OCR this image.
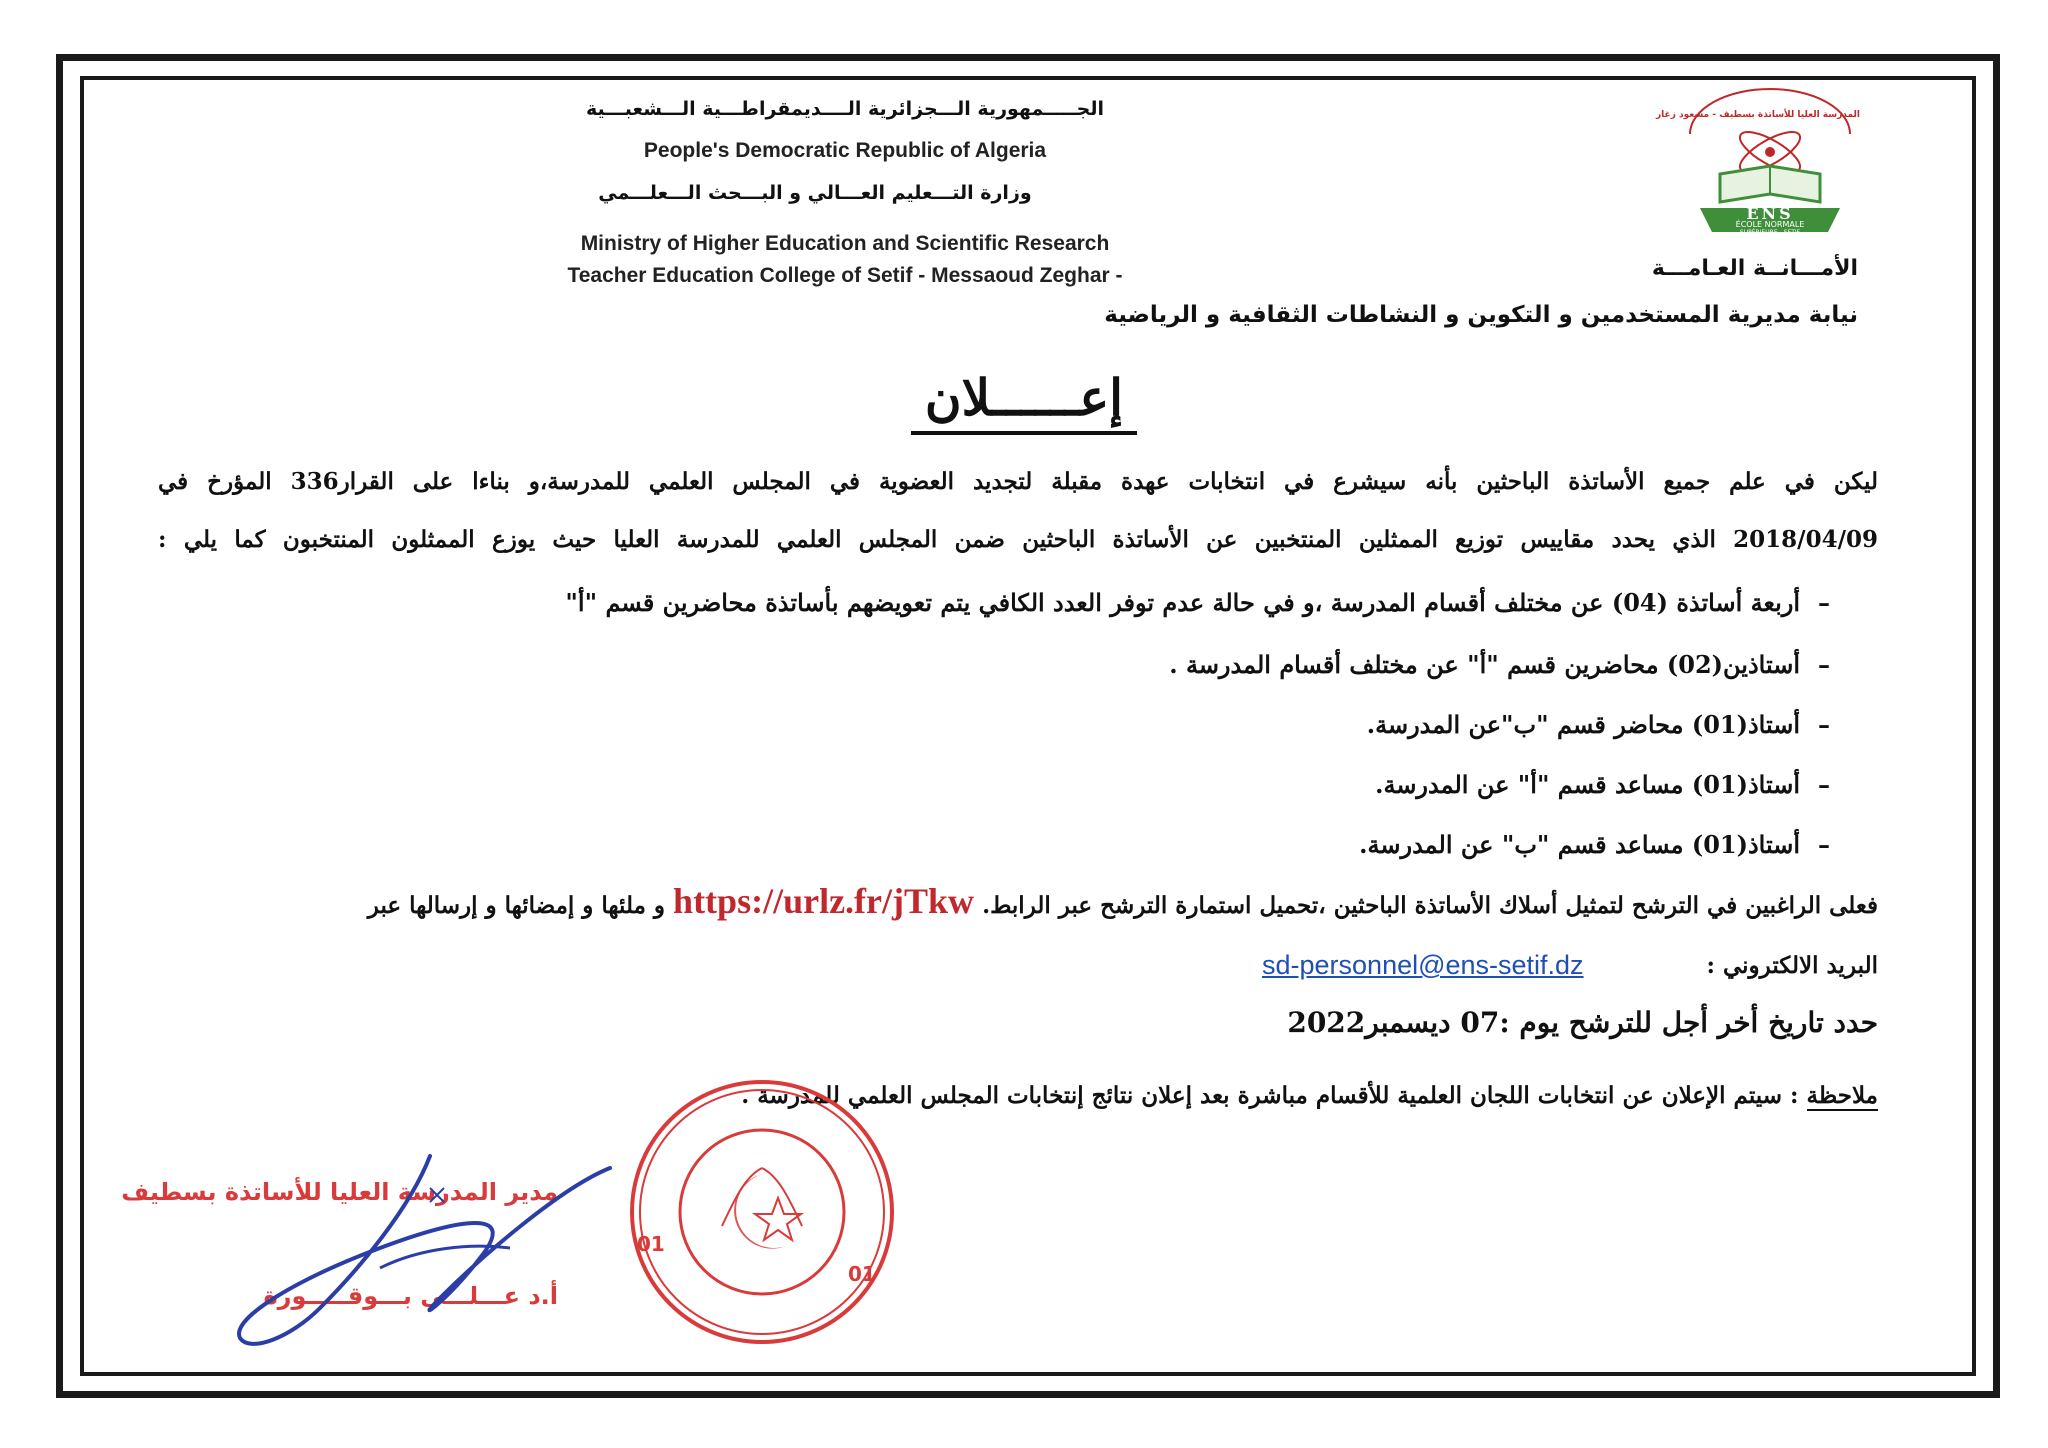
الجـــــمهورية الـــجزائرية الــــديمقراطـــية الـــشعبـــية
People's Democratic Republic of Algeria
وزارة التـــعليم العـــالي و البـــحث الـــعلـــمي
Ministry of Higher Education and Scientific Research
Teacher Education College of Setif - Messaoud Zeghar -
ENS
ÉCOLE NORMALE
SUPÉRIEURE - SETIF
المدرسة العليا للأساتذة بسطيف - مسعود زغار
الأمـــانــة العـامـــة
نيابة مديرية المستخدمين و التكوين و النشاطات الثقافية و الرياضية
إعــــــلان
ليكن في علم جميع الأساتذة الباحثين بأنه سيشرع في انتخابات عهدة مقبلة لتجديد العضوية في المجلس العلمي للمدرسة،و بناءا على القرار336 المؤرخ في
2018/04/09 الذي يحدد مقاييس توزيع الممثلين المنتخبين عن الأساتذة الباحثين ضمن المجلس العلمي للمدرسة العليا حيث يوزع الممثلون المنتخبون كما يلي :
–أربعة أساتذة (04) عن مختلف أقسام المدرسة ،و في حالة عدم توفر العدد الكافي يتم تعويضهم بأساتذة محاضرين قسم "أ"
–أستاذين(02) محاضرين قسم "أ" عن مختلف أقسام المدرسة .
–أستاذ(01) محاضر قسم "ب"عن المدرسة.
–أستاذ(01) مساعد قسم "أ" عن المدرسة.
–أستاذ(01) مساعد قسم "ب" عن المدرسة.
فعلى الراغبين في الترشح لتمثيل أسلاك الأساتذة الباحثين ،تحميل استمارة الترشح عبر الرابط. https://urlz.fr/jTkw و ملئها و إمضائها و إرسالها عبر
البريد الالكتروني :
sd-personnel@ens-setif.dz
حدد تاريخ أخر أجل للترشح يوم :07 ديسمبر2022
ملاحظة : سيتم الإعلان عن انتخابات اللجان العلمية للأقسام مباشرة بعد إعلان نتائج إنتخابات المجلس العلمي للمدرسة .
مدير المدرسة العليا للأساتذة بسطيف
أ.د عـــلـــي بـــوقـــــورة
01
01
